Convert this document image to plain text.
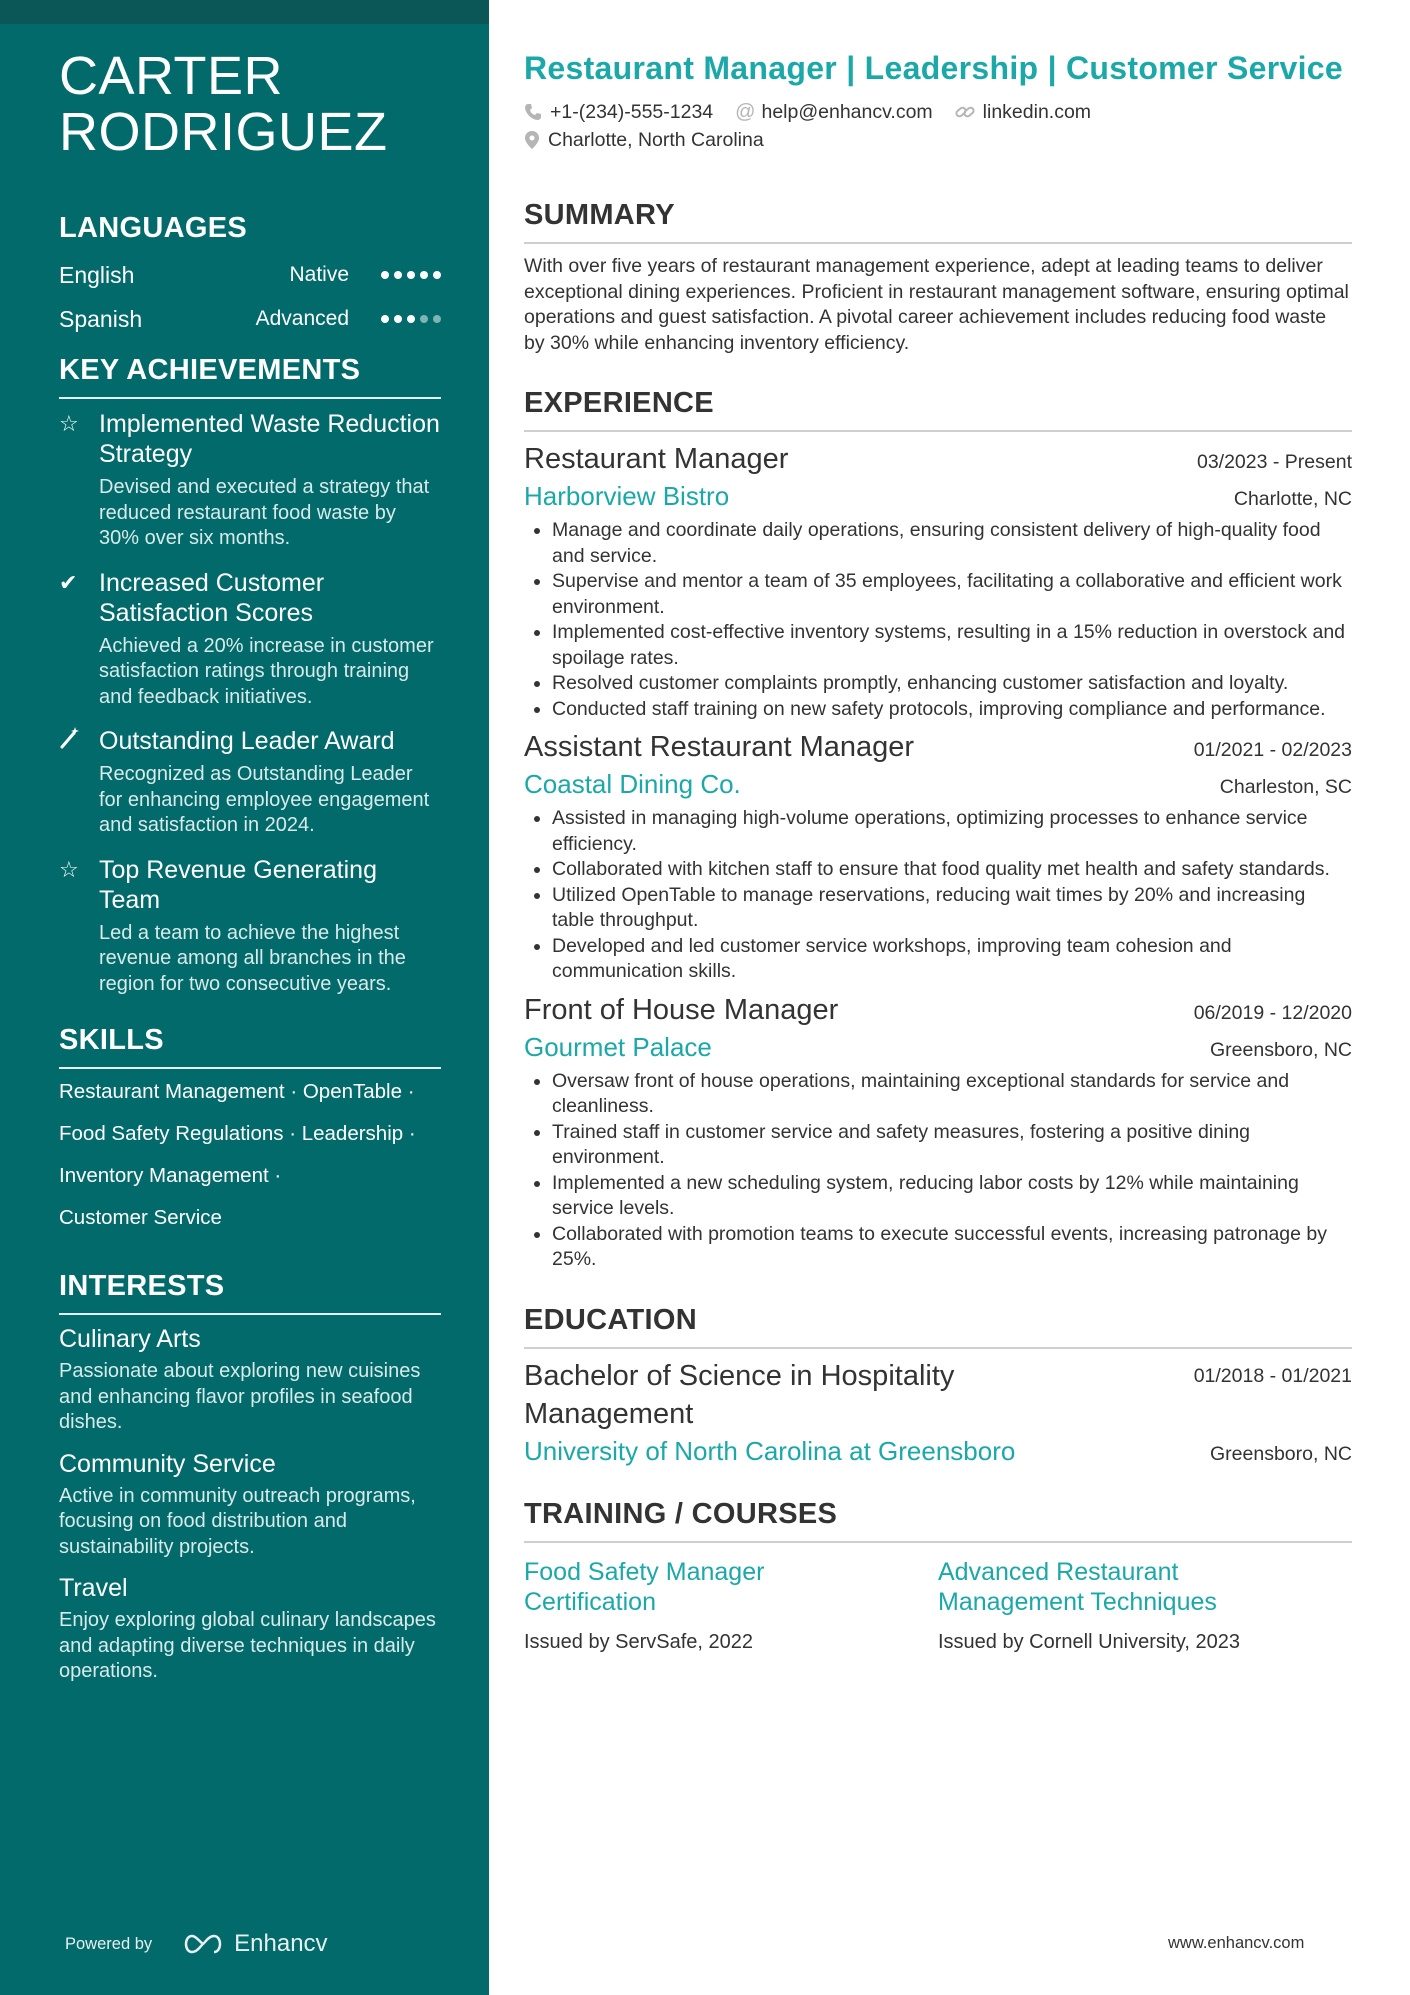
CARTER
RODRIGUEZ
LANGUAGES
English	Native
Spanish	Advanced
KEY ACHIEVEMENTS
☆ Implemented Waste Reduction Strategy
Devised and executed a strategy that reduced restaurant food waste by 30% over six months.
✔ Increased Customer Satisfaction Scores
Achieved a 20% increase in customer satisfaction ratings through training and feedback initiatives.
Outstanding Leader Award
Recognized as Outstanding Leader for enhancing employee engagement and satisfaction in 2024.
☆ Top Revenue Generating Team
Led a team to achieve the highest revenue among all branches in the region for two consecutive years.
SKILLS
Restaurant Management · OpenTable ·
Food Safety Regulations · Leadership ·
Inventory Management ·
Customer Service
INTERESTS
Culinary Arts
Passionate about exploring new cuisines and enhancing flavor profiles in seafood dishes.
Community Service
Active in community outreach programs, focusing on food distribution and sustainability projects.
Travel
Enjoy exploring global culinary landscapes and adapting diverse techniques in daily operations.
Powered by	Enhancv
Restaurant Manager | Leadership | Customer Service
+1-(234)-555-1234 @ help@enhancv.com	linkedin.com
Charlotte, North Carolina
SUMMARY
With over five years of restaurant management experience, adept at leading teams to deliver exceptional dining experiences. Proficient in restaurant management software, ensuring optimal operations and guest satisfaction. A pivotal career achievement includes reducing food waste by 30% while enhancing inventory efficiency.
EXPERIENCE
Restaurant Manager	03/2023 - Present
Harborview Bistro	Charlotte, NC
• Manage and coordinate daily operations, ensuring consistent delivery of high-quality food and service.
• Supervise and mentor a team of 35 employees, facilitating a collaborative and efficient work environment.
• Implemented cost-effective inventory systems, resulting in a 15% reduction in overstock and spoilage rates.
• Resolved customer complaints promptly, enhancing customer satisfaction and loyalty.
• Conducted staff training on new safety protocols, improving compliance and performance.
Assistant Restaurant Manager	01/2021 - 02/2023
Coastal Dining Co.	Charleston, SC
• Assisted in managing high-volume operations, optimizing processes to enhance service efficiency.
• Collaborated with kitchen staff to ensure that food quality met health and safety standards.
• Utilized OpenTable to manage reservations, reducing wait times by 20% and increasing table throughput.
• Developed and led customer service workshops, improving team cohesion and communication skills.
Front of House Manager	06/2019 - 12/2020
Gourmet Palace	Greensboro, NC
• Oversaw front of house operations, maintaining exceptional standards for service and cleanliness.
• Trained staff in customer service and safety measures, fostering a positive dining environment.
• Implemented a new scheduling system, reducing labor costs by 12% while maintaining service levels.
• Collaborated with promotion teams to execute successful events, increasing patronage by 25%.
EDUCATION
Bachelor of Science in Hospitality
Management
01/2018 - 01/2021
University of North Carolina at Greensboro	Greensboro, NC
TRAINING / COURSES
Food Safety Manager
Certification
Issued by ServSafe, 2022
Advanced Restaurant
Management Techniques
Issued by Cornell University, 2023
www.enhancv.com
